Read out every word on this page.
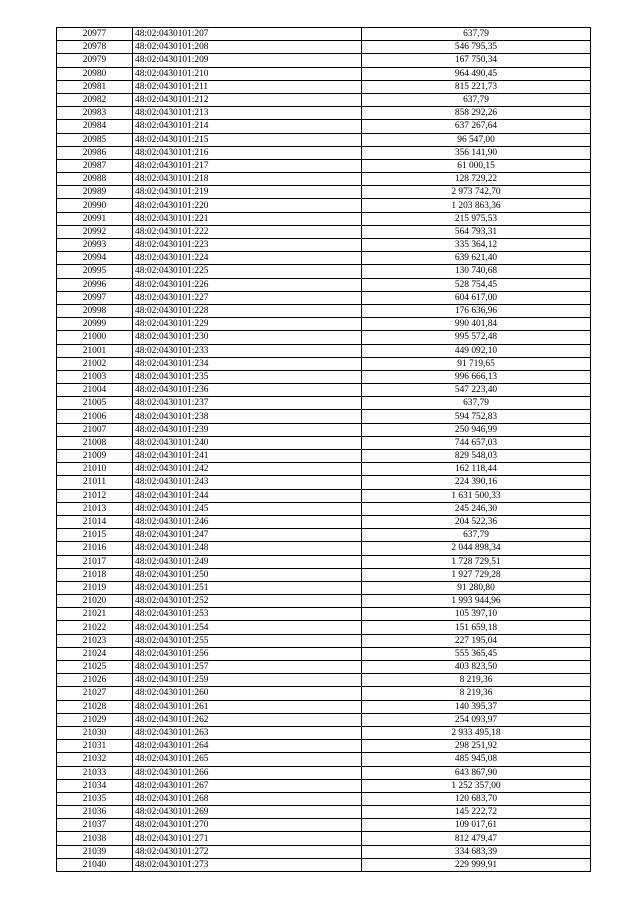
20977	48:02:0430101:207	637,79
20978	48:02:0430101:208	546 795,35
20979	48:02:0430101:209	167 750,34
20980	48:02:0430101:210	964 490,45
20981	48:02:0430101:211	815 221,73
20982	48:02:0430101:212	637,79
20983	48:02:0430101:213	858 292,26
20984	48:02:0430101:214	637 267,64
20985	48:02:0430101:215	96 547,00
20986	48:02:0430101:216	356 141,90
20987	48:02:0430101:217	61 000,15
20988	48:02:0430101:218	128 729,22
20989	48:02:0430101:219	2 973 742,70
20990	48:02:0430101:220	1 203 863,36
20991	48:02:0430101:221	215 975,53
20992	48:02:0430101:222	564 793,31
20993	48:02:0430101:223	335 364,12
20994	48:02:0430101:224	639 621,40
20995	48:02:0430101:225	130 740,68
20996	48:02:0430101:226	528 754,45
20997	48:02:0430101:227	604 617,00
20998	48:02:0430101:228	176 636,96
20999	48:02:0430101:229	990 401,84
21000	48:02:0430101:230	995 572,48
21001	48:02:0430101:233	449 092,10
21002	48:02:0430101:234	91 719,65
21003	48:02:0430101:235	996 666,13
21004	48:02:0430101:236	547 223,40
21005	48:02:0430101:237	637,79
21006	48:02:0430101:238	594 752,83
21007	48:02:0430101:239	250 946,99
21008	48:02:0430101:240	744 657,03
21009	48:02:0430101:241	829 548,03
21010	48:02:0430101:242	162 118,44
21011	48:02:0430101:243	224 390,16
21012	48:02:0430101:244	1 631 500,33
21013	48:02:0430101:245	245 246,30
21014	48:02:0430101:246	204 522,36
21015	48:02:0430101:247	637,79
21016	48:02:0430101:248	2 044 898,34
21017	48:02:0430101:249	1 728 729,51
21018	48:02:0430101:250	1 927 729,28
21019	48:02:0430101:251	91 280,80
21020	48:02:0430101:252	1 993 944,96
21021	48:02:0430101:253	105 397,10
21022	48:02:0430101:254	151 659,18
21023	48:02:0430101:255	227 195,04
21024	48:02:0430101:256	555 365,45
21025	48:02:0430101:257	403 823,50
21026	48:02:0430101:259	8 219,36
21027	48:02:0430101:260	8 219,36
21028	48:02:0430101:261	140 395,37
21029	48:02:0430101:262	254 093,97
21030	48:02:0430101:263	2 933 495,18
21031	48:02:0430101:264	298 251,92
21032	48:02:0430101:265	485 945,08
21033	48:02:0430101:266	643 867,90
21034	48:02:0430101:267	1 252 357,00
21035	48:02:0430101:268	120 683,70
21036	48:02:0430101:269	145 222,72
21037	48:02:0430101:270	109 017,61
21038	48:02:0430101:271	812 479,47
21039	48:02:0430101:272	334 683,39
21040	48:02:0430101:273	229 999,91
